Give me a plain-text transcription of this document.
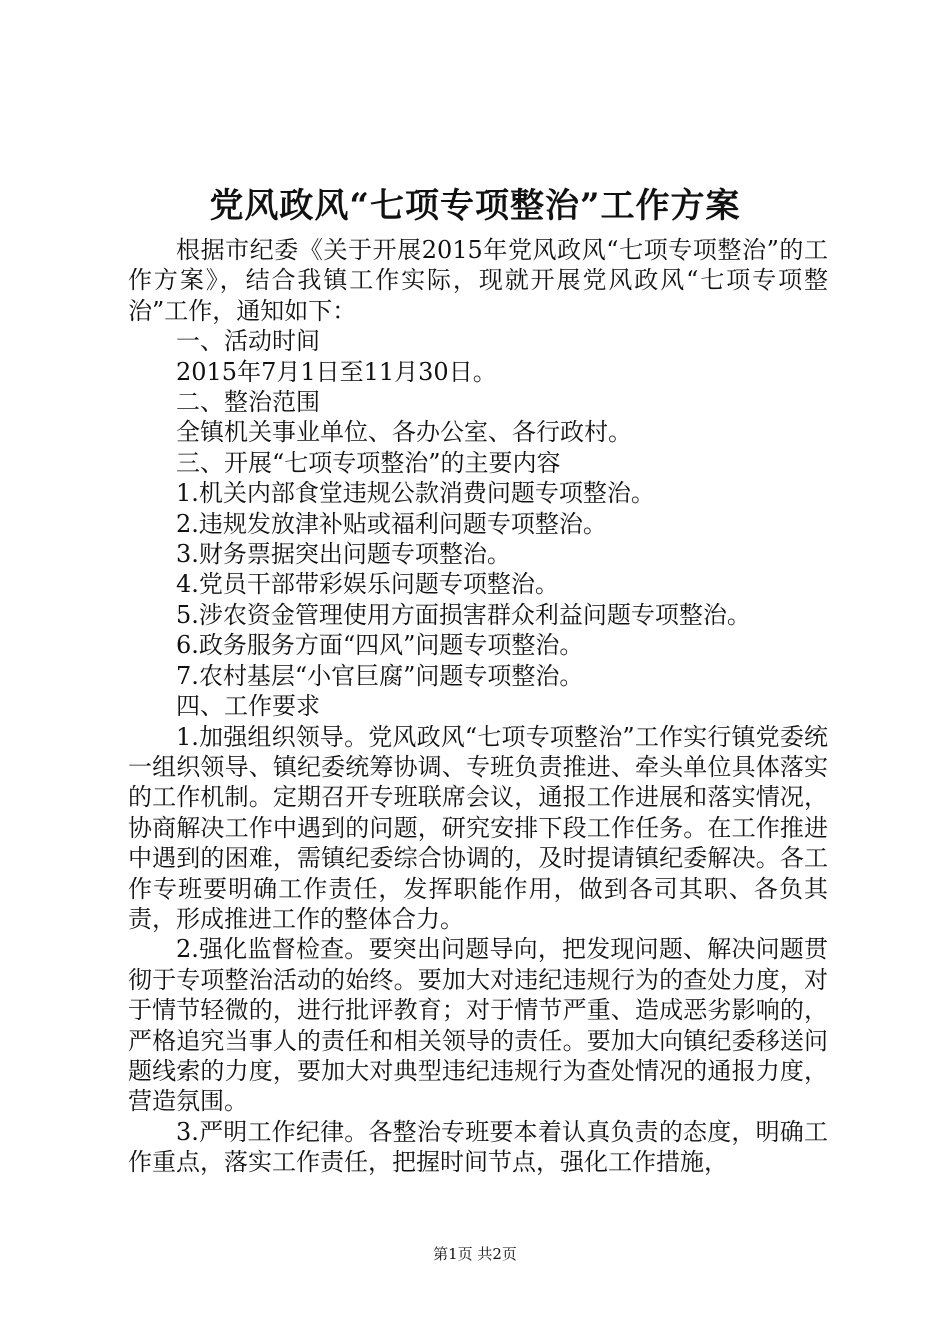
党风政风“七项专项整治”工作方案

根据市纪委《关于开展2015年党风政风“七项专项整治”的工作方案》，结合我镇工作实际，现就开展党风政风“七项专项整治”工作，通知如下：

一、活动时间

2015年7月1日至11月30日。

二、整治范围

全镇机关事业单位、各办公室、各行政村。

三、开展“七项专项整治”的主要内容

1.机关内部食堂违规公款消费问题专项整治。

2.违规发放津补贴或福利问题专项整治。

3.财务票据突出问题专项整治。

4.党员干部带彩娱乐问题专项整治。

5.涉农资金管理使用方面损害群众利益问题专项整治。

6.政务服务方面“四风”问题专项整治。

7.农村基层“小官巨腐”问题专项整治。

四、工作要求

1.加强组织领导。党风政风“七项专项整治”工作实行镇党委统一组织领导、镇纪委统筹协调、专班负责推进、牵头单位具体落实的工作机制。定期召开专班联席会议，通报工作进展和落实情况，协商解决工作中遇到的问题，研究安排下段工作任务。在工作推进中遇到的困难，需镇纪委综合协调的，及时提请镇纪委解决。各工作专班要明确工作责任，发挥职能作用，做到各司其职、各负其责，形成推进工作的整体合力。

2.强化监督检查。要突出问题导向，把发现问题、解决问题贯彻于专项整治活动的始终。要加大对违纪违规行为的查处力度，对于情节轻微的，进行批评教育；对于情节严重、造成恶劣影响的，严格追究当事人的责任和相关领导的责任。要加大向镇纪委移送问题线索的力度，要加大对典型违纪违规行为查处情况的通报力度，营造氛围。

3.严明工作纪律。各整治专班要本着认真负责的态度，明确工作重点，落实工作责任，把握时间节点，强化工作措施，

第1页 共2页
